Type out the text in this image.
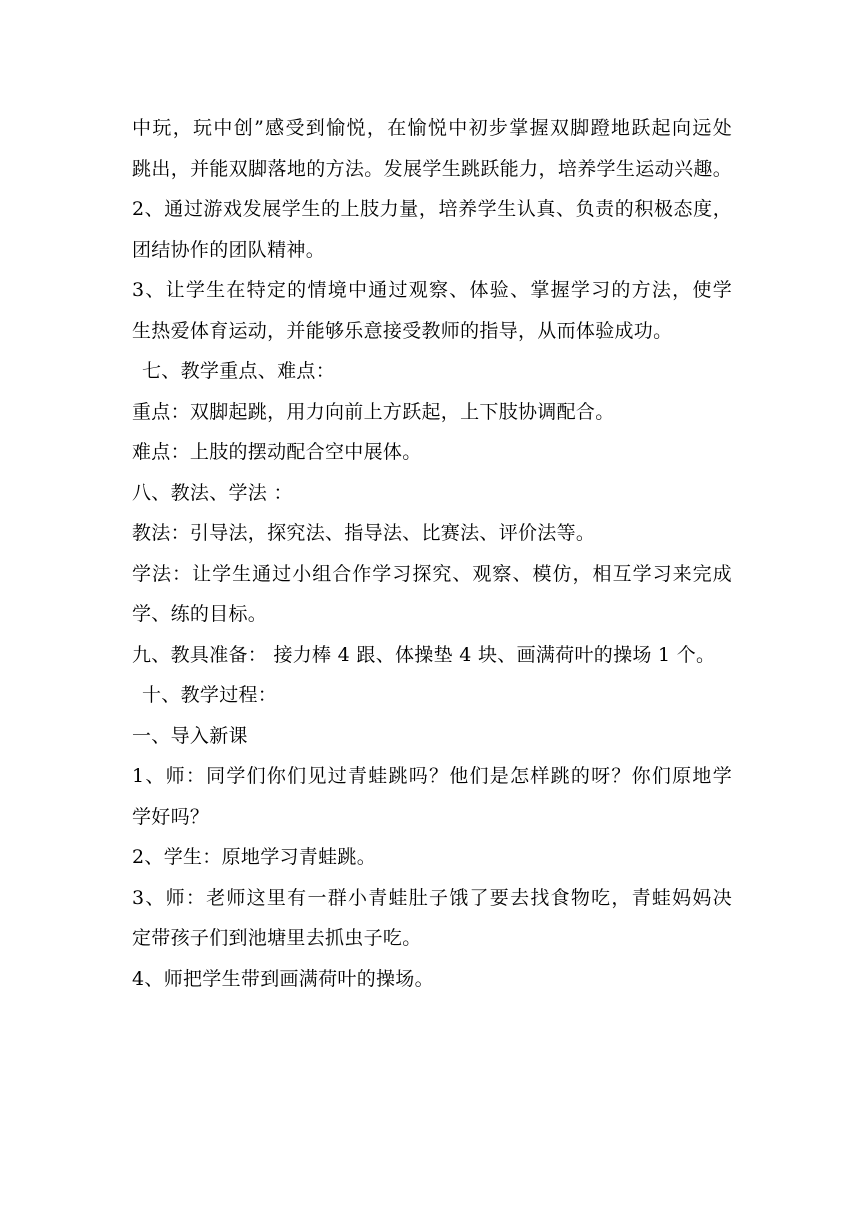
中玩，玩中创”感受到愉悦，在愉悦中初步掌握双脚蹬地跃起向远处
跳出，并能双脚落地的方法。发展学生跳跃能力，培养学生运动兴趣。
2、通过游戏发展学生的上肢力量，培养学生认真、负责的积极态度，
团结协作的团队精神。
3、让学生在特定的情境中通过观察、体验、掌握学习的方法，使学
生热爱体育运动，并能够乐意接受教师的指导，从而体验成功。
七、教学重点、难点：
重点：双脚起跳，用力向前上方跃起，上下肢协调配合。
难点：上肢的摆动配合空中展体。
八、教法、学法 ：
教法：引导法，探究法、指导法、比赛法、评价法等。
学法：让学生通过小组合作学习探究、观察、模仿，相互学习来完成
学、练的目标。
九、教具准备： 接力棒 4 跟、体操垫 4 块、画满荷叶的操场 1 个。
十、教学过程：
一、导入新课
1、师：同学们你们见过青蛙跳吗？他们是怎样跳的呀？你们原地学
学好吗？
2、学生：原地学习青蛙跳。
3、师：老师这里有一群小青蛙肚子饿了要去找食物吃，青蛙妈妈决
定带孩子们到池塘里去抓虫子吃。
4、师把学生带到画满荷叶的操场。
